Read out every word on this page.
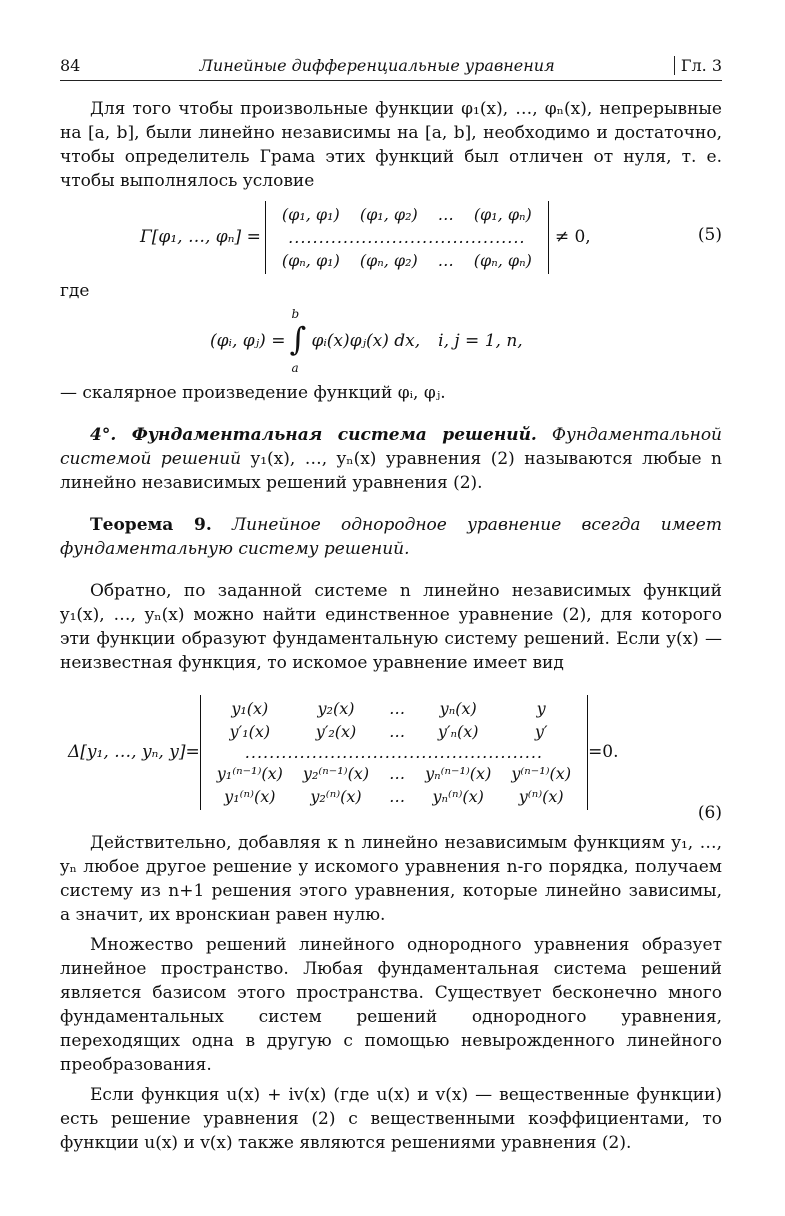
84	Линейные дифференциальные уравнения	Гл. 3

Для того чтобы произвольные функции φ₁(x), …, φₙ(x), непрерывные на [a, b], были линейно независимы на [a, b], необходимо и достаточно, чтобы определитель Грама этих функций был отличен от нуля, т. е. чтобы выполнялось условие

Γ[φ₁, …, φₙ] =
(φ₁, φ₁)	(φ₁, φ₂)	…	(φ₁, φₙ)
.......................................			
(φₙ, φ₁)	(φₙ, φ₂)	…	(φₙ, φₙ)
≠ 0,	(5)

где

(φᵢ, φⱼ) =
b
∫
a
φᵢ(x)φⱼ(x) dx, i, j = 1, n,

— скалярное произведение функций φᵢ, φⱼ.

4°. Фундаментальная система решений. Фундаментальной системой решений y₁(x), …, yₙ(x) уравнения (2) называются любые n линейно независимых решений уравнения (2).

Теорема 9. Линейное однородное уравнение всегда имеет фундаментальную систему решений.

Обратно, по заданной системе n линейно независимых функций y₁(x), …, yₙ(x) можно найти единственное уравнение (2), для которого эти функции образуют фундаментальную систему решений. Если y(x) — неизвестная функция, то искомое уравнение имеет вид

Δ[y₁, …, yₙ, y]=
y₁(x)	y₂(x)	…	yₙ(x)	y
y′₁(x)	y′₂(x)	…	y′ₙ(x)	y′
.................................................				
y₁⁽ⁿ⁻¹⁾(x)	y₂⁽ⁿ⁻¹⁾(x)	…	yₙ⁽ⁿ⁻¹⁾(x)	y⁽ⁿ⁻¹⁾(x)
y₁⁽ⁿ⁾(x)	y₂⁽ⁿ⁾(x)	…	yₙ⁽ⁿ⁾(x)	y⁽ⁿ⁾(x)
=0.
(6)

Действительно, добавляя к n линейно независимым функциям y₁, …, yₙ любое другое решение y искомого уравнения n-го порядка, получаем систему из n+1 решения этого уравнения, которые линейно зависимы, а значит, их вронскиан равен нулю.

Множество решений линейного однородного уравнения образует линейное пространство. Любая фундаментальная система решений является базисом этого пространства. Существует бесконечно много фундаментальных систем решений однородного уравнения, переходящих одна в другую с помощью невырожденного линейного преобразования.

Если функция u(x) + iv(x) (где u(x) и v(x) — вещественные функции) есть решение уравнения (2) с вещественными коэффициентами, то функции u(x) и v(x) также являются решениями уравнения (2).
